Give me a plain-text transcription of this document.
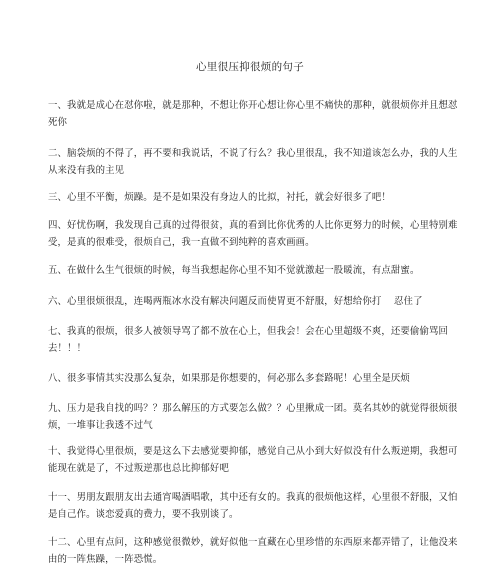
心里很压抑很烦的句子
一、我就是成心在怼你啦，就是那种，不想让你开心想让你心里不痛快的那种，就很烦你并且想怼死你
二、脑袋烦的不得了，再不要和我说话，不说了行么？我心里很乱，我不知道该怎么办，我的人生从来没有我的主见
三、心里不平衡，烦躁。是不是如果没有身边人的比拟，衬托，就会好很多了吧！
四、好忧伤啊，我发现自己真的过得很贫，真的看到比你优秀的人比你更努力的时候，心里特别难受，是真的很难受，很烦自己，我一直做不到纯粹的喜欢画画。
五、在做什么生气很烦的时候，每当我想起你心里不知不觉就激起一股暖流，有点甜蜜。
六、心里很烦很乱，连喝两瓶冰水没有解决问题反而使胃更不舒服，好想给你打　 忍住了
七、我真的很烦，很多人被领导骂了都不放在心上，但我会！会在心里超级不爽，还要偷偷骂回去！！！
八、很多事情其实没那么复杂，如果那是你想要的，何必那么多套路呢！心里全是厌烦
九、压力是我自找的吗？？那么解压的方式要怎么做？？心里揪成一团。莫名其妙的就觉得很烦很烦，一堆事让我透不过气
十、我觉得心里很烦，要是这么下去感觉要抑郁，感觉自己从小到大好似没有什么叛逆期，我想可能现在就是了，不过叛逆那也总比抑郁好吧
十一、男朋友跟朋友出去通宵喝酒唱歌，其中还有女的。我真的很烦他这样，心里很不舒服，又怕是自己作。谈恋爱真的费力，要不我别谈了。
十二、心里有点问，这种感觉很微妙，就好似他一直藏在心里珍惜的东西原来都弄错了，让他没来由的一阵焦躁，一阵恐慌。
